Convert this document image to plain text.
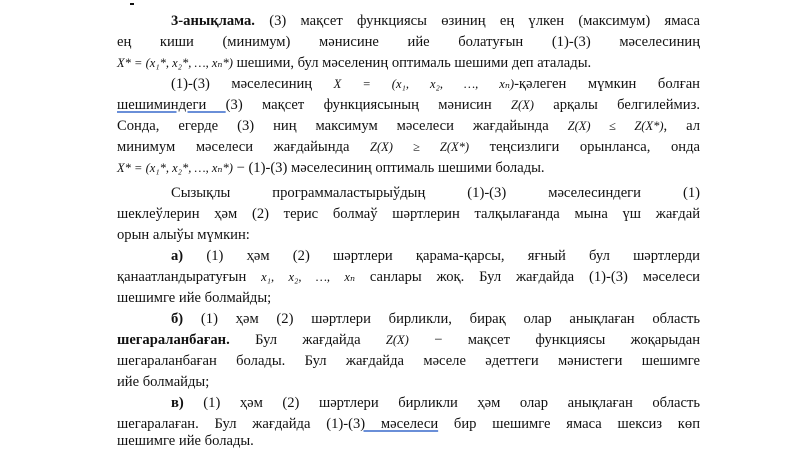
3-анықлама. (3) мақсет функциясы өзиниң ең үлкен (максимум) ямаса
ең киши (минимум) мәнисине ийе болатуғын (1)-(3) мәселесиниң
X* = (x₁*, x₂*, …, xₙ*) шешими, бул мәселениң оптималь шешими деп аталады.
(1)-(3) мәселесиниң X = (x₁, x₂, …, xₙ)-қәлеген мүмкин болған
шешиминдеги (3) мақсет функциясының мәнисин Z(X) арқалы белгилеймиз.
Сонда, егерде (3) ниң максимум мәселеси жағдайында Z(X) ≤ Z(X*), ал
минимум мәселеси жағдайында Z(X) ≥ Z(X*) теңсизлиги орынланса, онда
X* = (x₁*, x₂*, …, xₙ*) − (1)-(3) мәселесиниң оптималь шешими болады.
Сызықлы программаластырыўдың (1)-(3) мәселесиндеги (1)
шеклеўлерин ҳәм (2) терис болмаў шәртлерин талқылағанда мына үш жағдай
орын алыўы мүмкин:
а) (1) ҳәм (2) шәртлери қарама-қарсы, яғный бул шәртлерди
қанаатландыратуғын x₁, x₂, …, xₙ санлары жоқ. Бул жағдайда (1)-(3) мәселеси
шешимге ийе болмайды;
б) (1) ҳәм (2) шәртлери бирликли, бирақ олар анықлаған область
шегараланбаған. Бул жағдайда Z(X) − мақсет функциясы жоқарыдан
шегараланбаған болады. Бул жағдайда мәселе әдеттеги мәнистеги шешимге
ийе болмайды;
в) (1) ҳәм (2) шәртлери бирликли ҳәм олар анықлаған область
шегаралаған. Бул жағдайда (1)-(3) мәселеси бир шешимге ямаса шексиз көп
шешимге ийе болады.
